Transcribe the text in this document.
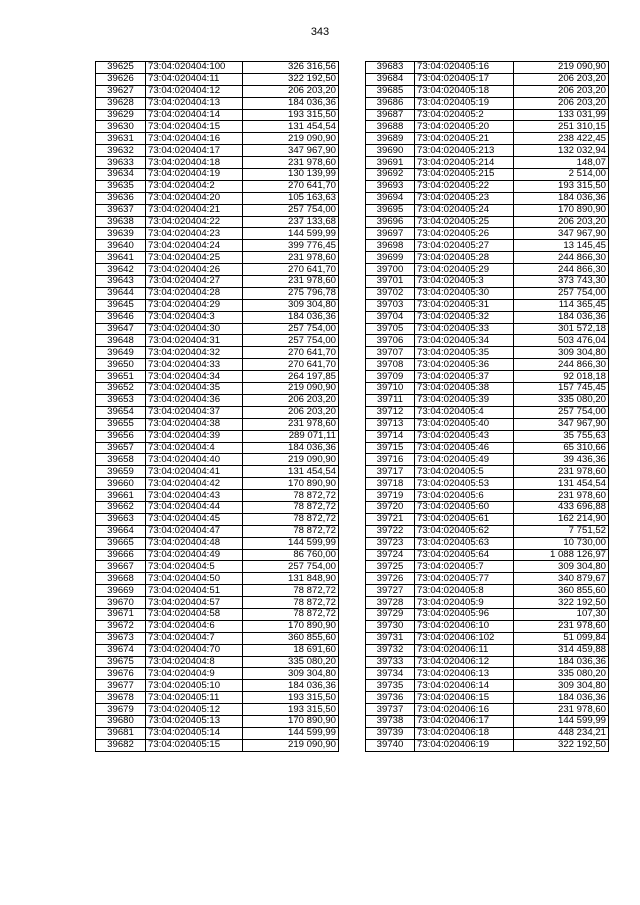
343
39625	73:04:020404:100	326 316,56
39626	73:04:020404:11	322 192,50
39627	73:04:020404:12	206 203,20
39628	73:04:020404:13	184 036,36
39629	73:04:020404:14	193 315,50
39630	73:04:020404:15	131 454,54
39631	73:04:020404:16	219 090,90
39632	73:04:020404:17	347 967,90
39633	73:04:020404:18	231 978,60
39634	73:04:020404:19	130 139,99
39635	73:04:020404:2	270 641,70
39636	73:04:020404:20	105 163,63
39637	73:04:020404:21	257 754,00
39638	73:04:020404:22	237 133,68
39639	73:04:020404:23	144 599,99
39640	73:04:020404:24	399 776,45
39641	73:04:020404:25	231 978,60
39642	73:04:020404:26	270 641,70
39643	73:04:020404:27	231 978,60
39644	73:04:020404:28	275 796,78
39645	73:04:020404:29	309 304,80
39646	73:04:020404:3	184 036,36
39647	73:04:020404:30	257 754,00
39648	73:04:020404:31	257 754,00
39649	73:04:020404:32	270 641,70
39650	73:04:020404:33	270 641,70
39651	73:04:020404:34	264 197,85
39652	73:04:020404:35	219 090,90
39653	73:04:020404:36	206 203,20
39654	73:04:020404:37	206 203,20
39655	73:04:020404:38	231 978,60
39656	73:04:020404:39	289 071,11
39657	73:04:020404:4	184 036,36
39658	73:04:020404:40	219 090,90
39659	73:04:020404:41	131 454,54
39660	73:04:020404:42	170 890,90
39661	73:04:020404:43	78 872,72
39662	73:04:020404:44	78 872,72
39663	73:04:020404:45	78 872,72
39664	73:04:020404:47	78 872,72
39665	73:04:020404:48	144 599,99
39666	73:04:020404:49	86 760,00
39667	73:04:020404:5	257 754,00
39668	73:04:020404:50	131 848,90
39669	73:04:020404:51	78 872,72
39670	73:04:020404:57	78 872,72
39671	73:04:020404:58	78 872,72
39672	73:04:020404:6	170 890,90
39673	73:04:020404:7	360 855,60
39674	73:04:020404:70	18 691,60
39675	73:04:020404:8	335 080,20
39676	73:04:020404:9	309 304,80
39677	73:04:020405:10	184 036,36
39678	73:04:020405:11	193 315,50
39679	73:04:020405:12	193 315,50
39680	73:04:020405:13	170 890,90
39681	73:04:020405:14	144 599,99
39682	73:04:020405:15	219 090,90
39683	73:04:020405:16	219 090,90
39684	73:04:020405:17	206 203,20
39685	73:04:020405:18	206 203,20
39686	73:04:020405:19	206 203,20
39687	73:04:020405:2	133 031,99
39688	73:04:020405:20	251 310,15
39689	73:04:020405:21	238 422,45
39690	73:04:020405:213	132 032,94
39691	73:04:020405:214	148,07
39692	73:04:020405:215	2 514,00
39693	73:04:020405:22	193 315,50
39694	73:04:020405:23	184 036,36
39695	73:04:020405:24	170 890,90
39696	73:04:020405:25	206 203,20
39697	73:04:020405:26	347 967,90
39698	73:04:020405:27	13 145,45
39699	73:04:020405:28	244 866,30
39700	73:04:020405:29	244 866,30
39701	73:04:020405:3	373 743,30
39702	73:04:020405:30	257 754,00
39703	73:04:020405:31	114 365,45
39704	73:04:020405:32	184 036,36
39705	73:04:020405:33	301 572,18
39706	73:04:020405:34	503 476,04
39707	73:04:020405:35	309 304,80
39708	73:04:020405:36	244 866,30
39709	73:04:020405:37	92 018,18
39710	73:04:020405:38	157 745,45
39711	73:04:020405:39	335 080,20
39712	73:04:020405:4	257 754,00
39713	73:04:020405:40	347 967,90
39714	73:04:020405:43	35 755,63
39715	73:04:020405:46	65 310,66
39716	73:04:020405:49	39 436,36
39717	73:04:020405:5	231 978,60
39718	73:04:020405:53	131 454,54
39719	73:04:020405:6	231 978,60
39720	73:04:020405:60	433 696,88
39721	73:04:020405:61	162 214,90
39722	73:04:020405:62	7 751,52
39723	73:04:020405:63	10 730,00
39724	73:04:020405:64	1 088 126,97
39725	73:04:020405:7	309 304,80
39726	73:04:020405:77	340 879,67
39727	73:04:020405:8	360 855,60
39728	73:04:020405:9	322 192,50
39729	73:04:020405:96	107,30
39730	73:04:020406:10	231 978,60
39731	73:04:020406:102	51 099,84
39732	73:04:020406:11	314 459,88
39733	73:04:020406:12	184 036,36
39734	73:04:020406:13	335 080,20
39735	73:04:020406:14	309 304,80
39736	73:04:020406:15	184 036,36
39737	73:04:020406:16	231 978,60
39738	73:04:020406:17	144 599,99
39739	73:04:020406:18	448 234,21
39740	73:04:020406:19	322 192,50
